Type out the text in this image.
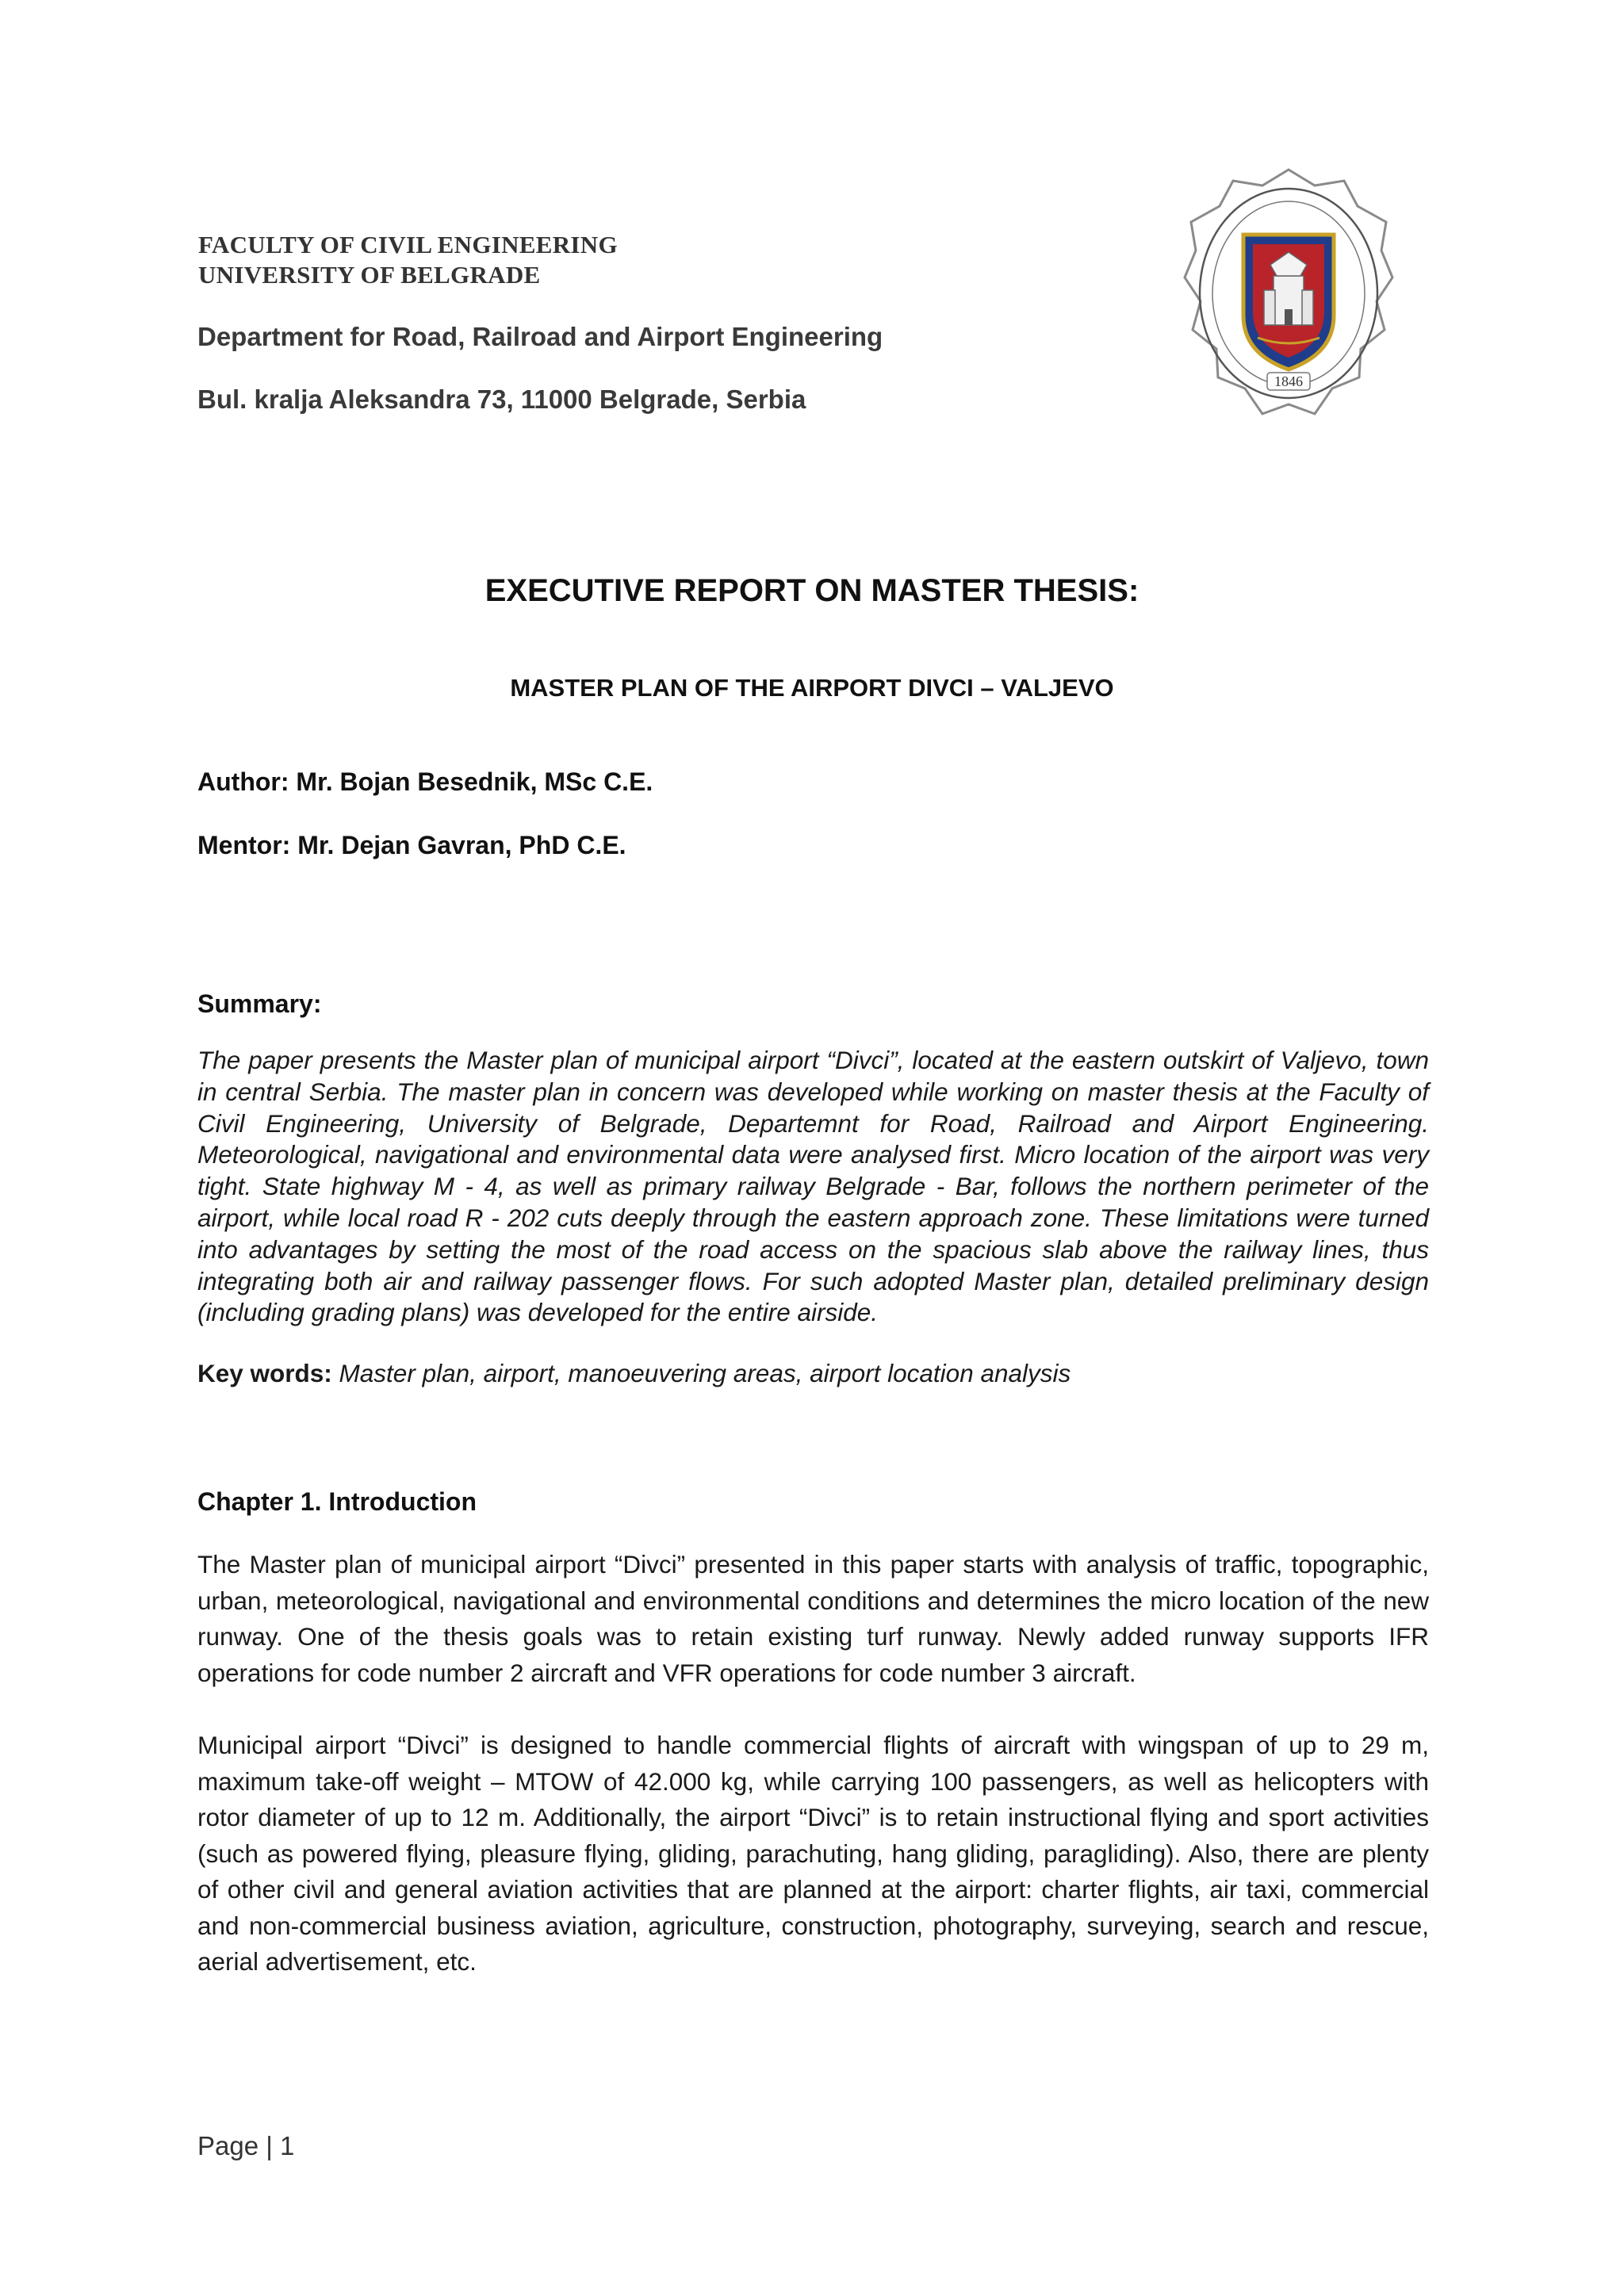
FACULTY OF CIVIL ENGINEERING
UNIVERSITY OF BELGRADE
Department for Road, Railroad and Airport Engineering
Bul. kralja Aleksandra 73, 11000 Belgrade, Serbia
1846
EXECUTIVE REPORT ON MASTER THESIS:
MASTER PLAN OF THE AIRPORT DIVCI – VALJEVO
Author: Mr. Bojan Besednik, MSc C.E.
Mentor: Mr. Dejan Gavran, PhD C.E.
Summary:
The paper presents the Master plan of municipal airport “Divci”, located at the eastern outskirt of Valjevo, town in central Serbia. The master plan in concern was developed while working on master thesis at the Faculty of Civil Engineering, University of Belgrade, Departemnt for Road, Railroad and Airport Engineering. Meteorological, navigational and environmental data were analysed first. Micro location of the airport was very tight. State highway M - 4, as well as primary railway Belgrade - Bar, follows the northern perimeter of the airport, while local road R - 202 cuts deeply through the eastern approach zone. These limitations were turned into advantages by setting the most of the road access on the spacious slab above the railway lines, thus integrating both air and railway passenger flows. For such adopted Master plan, detailed preliminary design (including grading plans) was developed for the entire airside.
Key words: Master plan, airport, manoeuvering areas, airport location analysis
Chapter 1. Introduction
The Master plan of municipal airport “Divci” presented in this paper starts with analysis of traffic, topographic, urban, meteorological, navigational and environmental conditions and determines the micro location of the new runway. One of the thesis goals was to retain existing turf runway. Newly added runway supports IFR operations for code number 2 aircraft and VFR operations for code number 3 aircraft.
Municipal airport “Divci” is designed to handle commercial flights of aircraft with wingspan of up to 29 m, maximum take-off weight – MTOW of 42.000 kg, while carrying 100 passengers, as well as helicopters with rotor diameter of up to 12 m. Additionally, the airport “Divci” is to retain instructional flying and sport activities (such as powered flying, pleasure flying, gliding, parachuting, hang gliding, paragliding). Also, there are plenty of other civil and general aviation activities that are planned at the airport: charter flights, air taxi, commercial and non-commercial business aviation, agriculture, construction, photography, surveying, search and rescue, aerial advertisement, etc.
Page | 1
